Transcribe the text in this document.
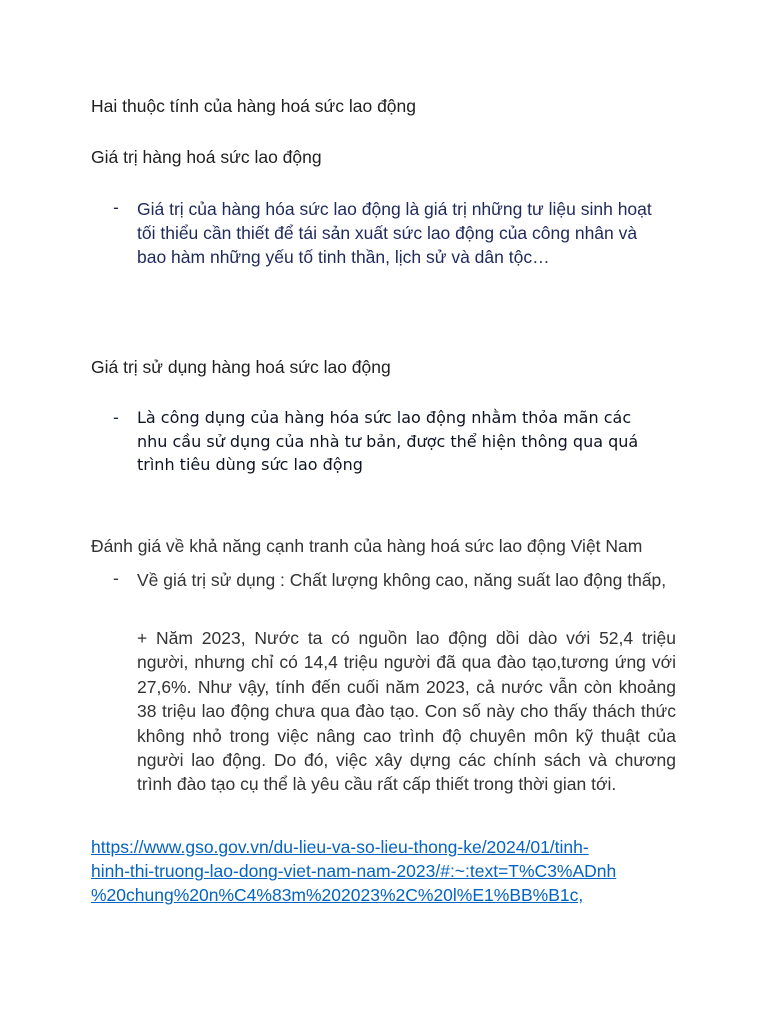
Hai thuộc tính của hàng hoá sức lao động

Giá trị hàng hoá sức lao động

- Giá trị của hàng hóa sức lao động là giá trị những tư liệu sinh hoạt
tối thiểu cần thiết để tái sản xuất sức lao động của công nhân và
bao hàm những yếu tố tinh thần, lịch sử và dân tộc…

Giá trị sử dụng hàng hoá sức lao động

- Là công dụng của hàng hóa sức lao động nhằm thỏa mãn các
nhu cầu sử dụng của nhà tư bản, được thể hiện thông qua quá
trình tiêu dùng sức lao động

Đánh giá về khả năng cạnh tranh của hàng hoá sức lao động Việt Nam

- Về giá trị sử dụng : Chất lượng không cao, năng suất lao động thấp,
+ Năm 2023, Nước ta có nguồn lao động dồi dào với 52,4 triệu người, nhưng chỉ có 14,4 triệu người đã qua đào tạo,tương ứng với 27,6%. Như vậy, tính đến cuối năm 2023, cả nước vẫn còn khoảng 38 triệu lao động chưa qua đào tạo. Con số này cho thấy thách thức không nhỏ trong việc nâng cao trình độ chuyên môn kỹ thuật của người lao động. Do đó, việc xây dựng các chính sách và chương trình đào tạo cụ thể là yêu cầu rất cấp thiết trong thời gian tới.
https://www.gso.gov.vn/du-lieu-va-so-lieu-thong-ke/2024/01/tinh-
hinh-thi-truong-lao-dong-viet-nam-nam-2023/#:~:text=T%C3%ADnh
%20chung%20n%C4%83m%202023%2C%20l%E1%BB%B1c,
